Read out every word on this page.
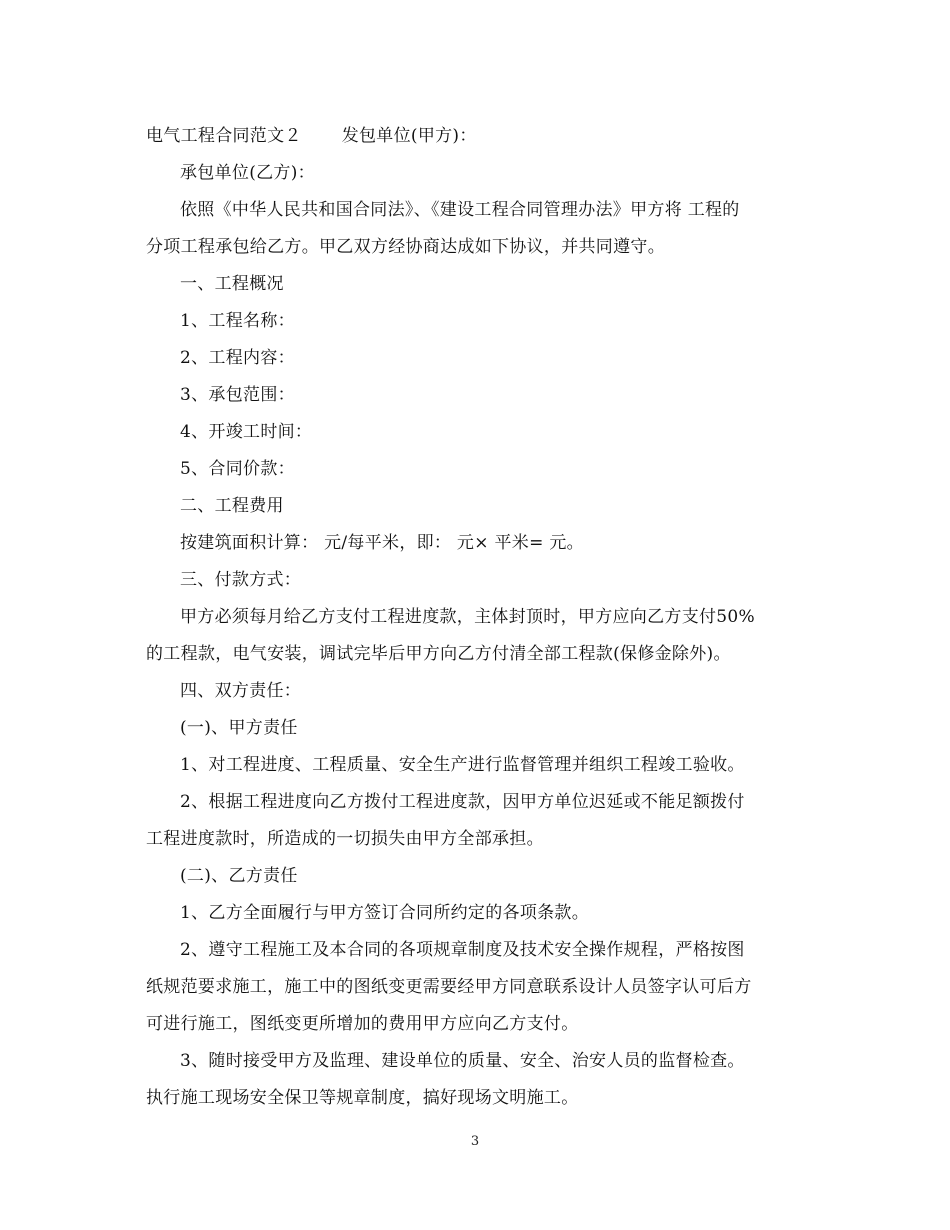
电气工程合同范文２ 发包单位(甲方)：
承包单位(乙方)：
依照《中华人民共和国合同法》、《建设工程合同管理办法》甲方将 工程的
分项工程承包给乙方。甲乙双方经协商达成如下协议，并共同遵守。
一、工程概况
1、工程名称：
2、工程内容：
3、承包范围：
4、开竣工时间：
5、合同价款：
二、工程费用
按建筑面积计算： 元/每平米，即： 元× 平米= 元。
三、付款方式：
甲方必须每月给乙方支付工程进度款，主体封顶时，甲方应向乙方支付50%
的工程款，电气安装，调试完毕后甲方向乙方付清全部工程款(保修金除外)。
四、双方责任：
(一)、甲方责任
1、对工程进度、工程质量、安全生产进行监督管理并组织工程竣工验收。
2、根据工程进度向乙方拨付工程进度款，因甲方单位迟延或不能足额拨付
工程进度款时，所造成的一切损失由甲方全部承担。
(二)、乙方责任
1、乙方全面履行与甲方签订合同所约定的各项条款。
2、遵守工程施工及本合同的各项规章制度及技术安全操作规程，严格按图
纸规范要求施工，施工中的图纸变更需要经甲方同意联系设计人员签字认可后方
可进行施工，图纸变更所增加的费用甲方应向乙方支付。
3、随时接受甲方及监理、建设单位的质量、安全、治安人员的监督检查。
执行施工现场安全保卫等规章制度，搞好现场文明施工。
3
